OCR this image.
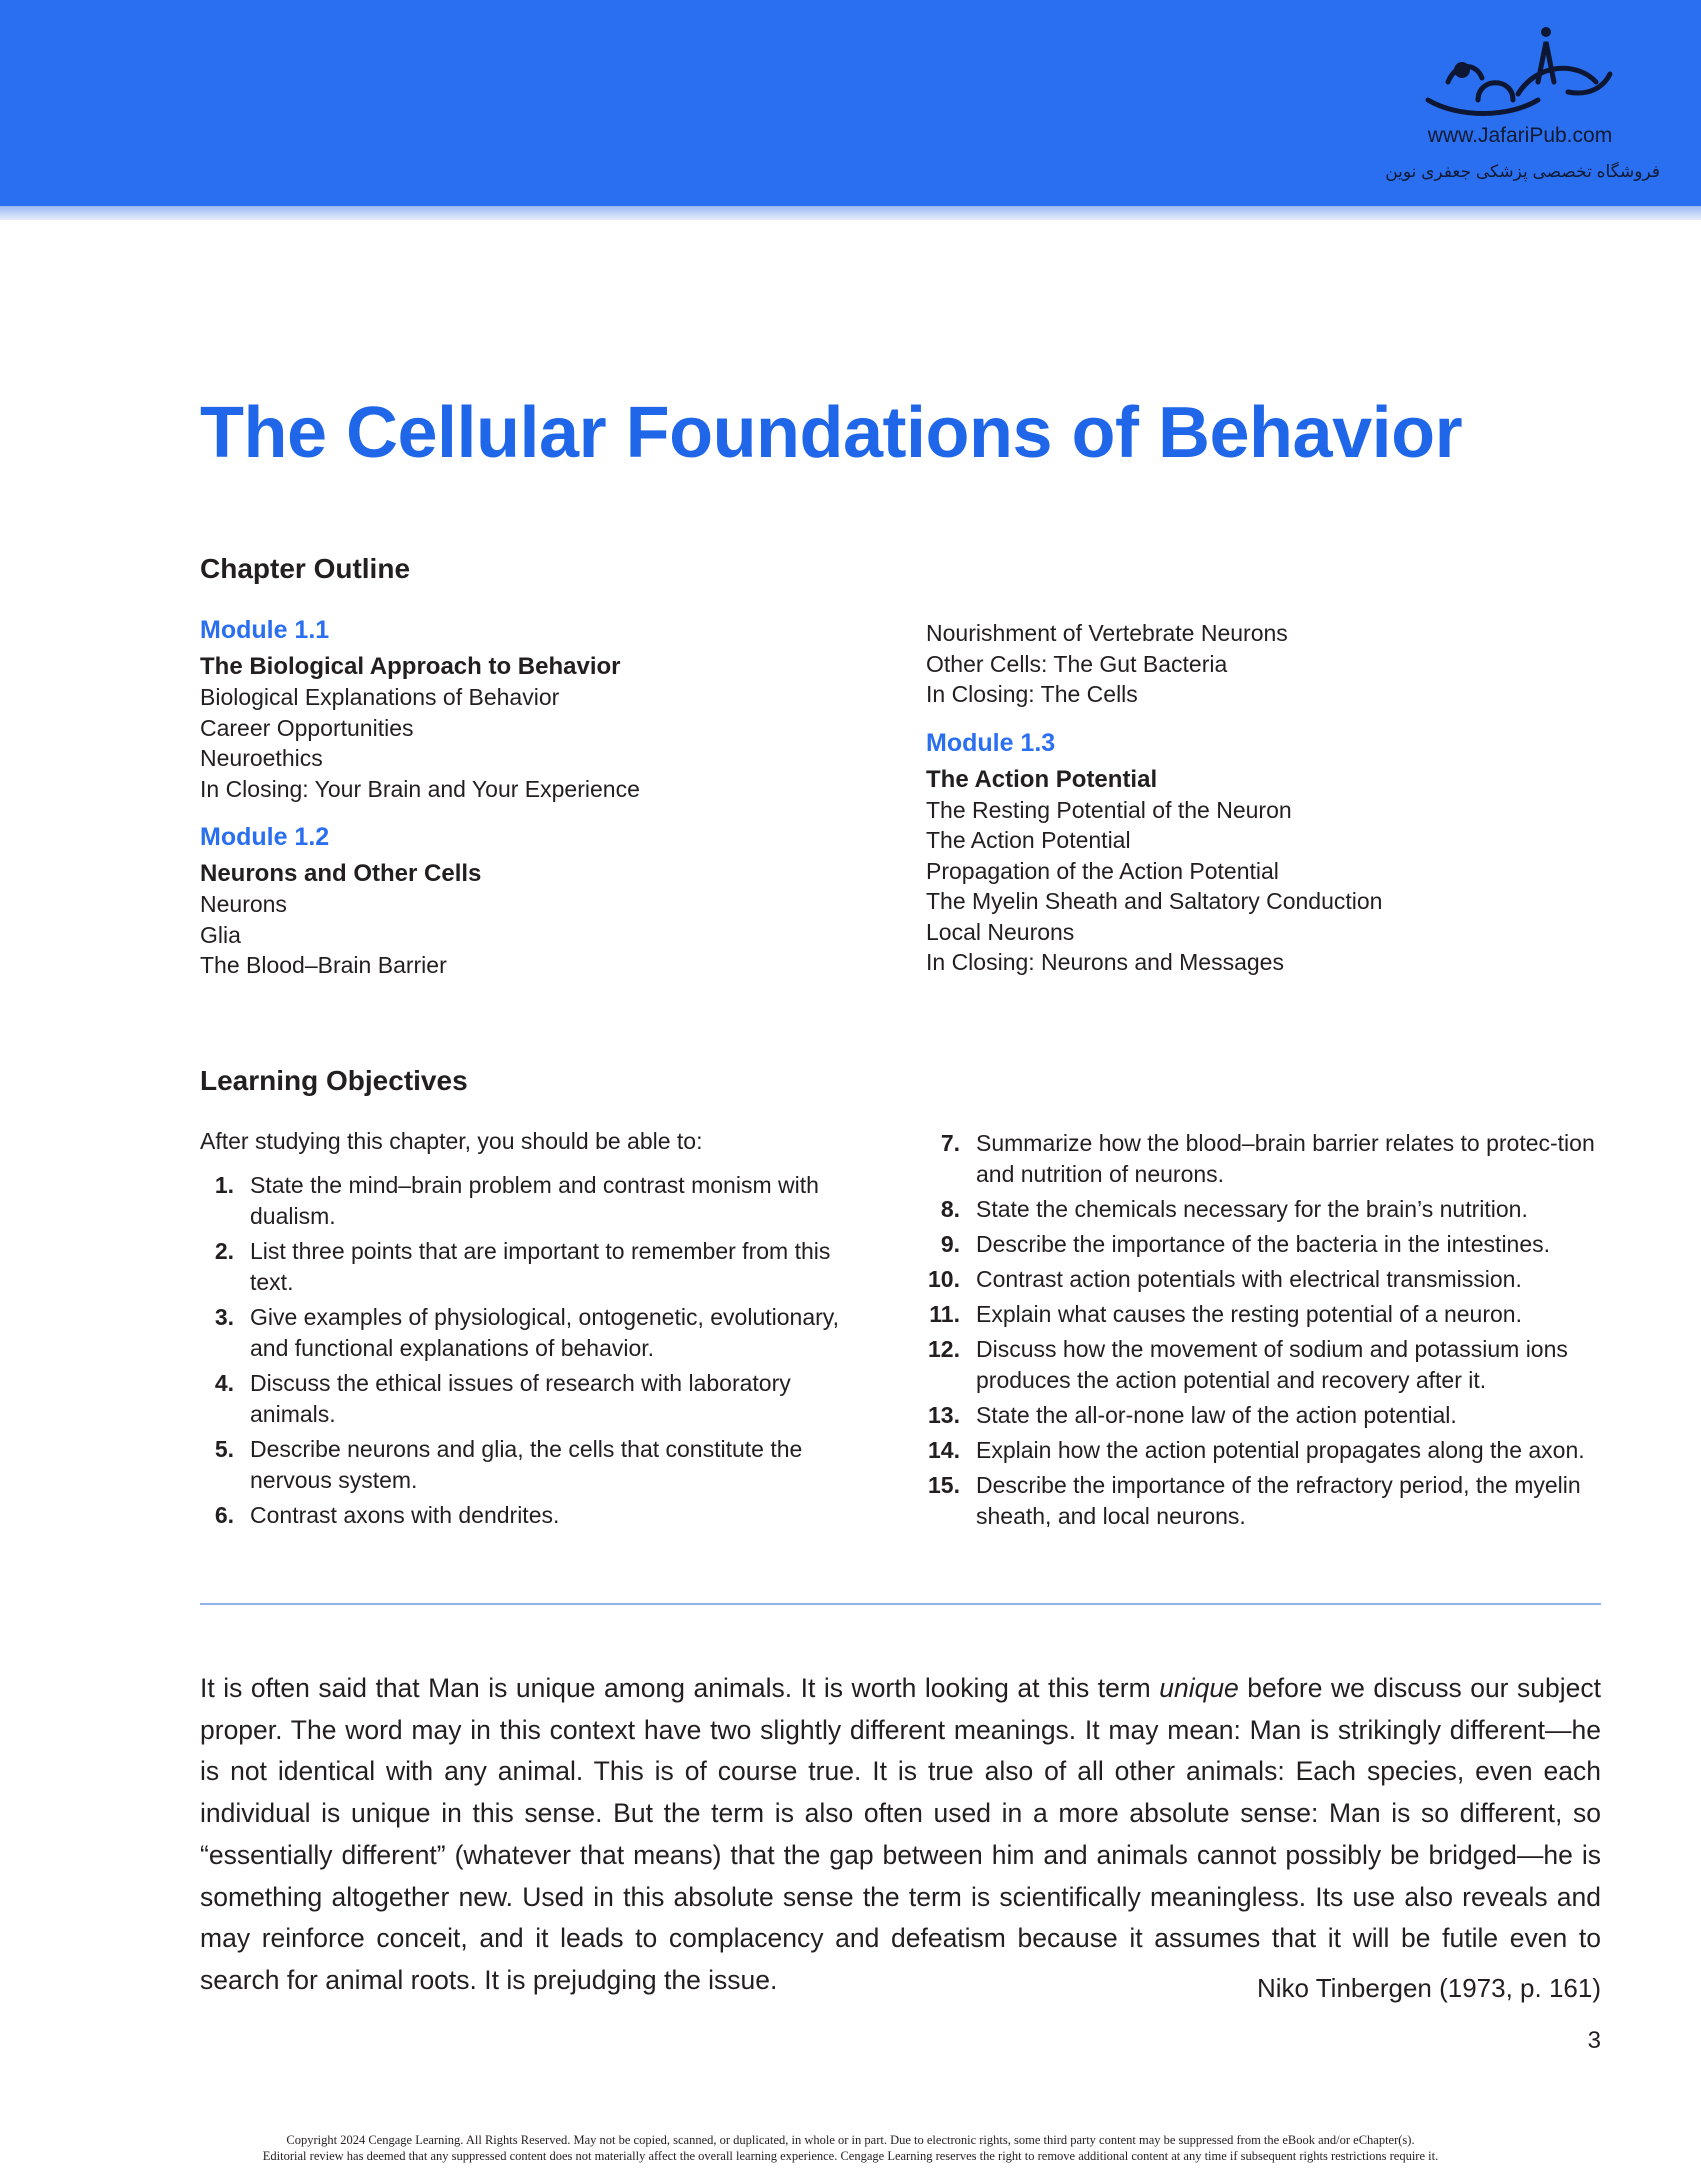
www.JafariPub.com
فروشگاه تخصصی پزشکی جعفری نوین
The Cellular Foundations of Behavior
Chapter Outline

Module 1.1

The Biological Approach to Behavior

Biological Explanations of Behavior

Career Opportunities

Neuroethics

In Closing: Your Brain and Your Experience

Module 1.2

Neurons and Other Cells

Neurons

Glia

The Blood–Brain Barrier

Nourishment of Vertebrate Neurons

Other Cells: The Gut Bacteria

In Closing: The Cells

Module 1.3

The Action Potential

The Resting Potential of the Neuron

The Action Potential

Propagation of the Action Potential

The Myelin Sheath and Saltatory Conduction

Local Neurons

In Closing: Neurons and Messages

Learning Objectives

After studying this chapter, you should be able to:

1. State the mind–brain problem and contrast monism with dualism.
2. List three points that are important to remember from this text.
3. Give examples of physiological, ontogenetic, evolutionary, and functional explanations of behavior.
4. Discuss the ethical issues of research with laboratory animals.
5. Describe neurons and glia, the cells that constitute the nervous system.
6. Contrast axons with dendrites.
7. Summarize how the blood–brain barrier relates to protec-tion and nutrition of neurons.
8. State the chemicals necessary for the brain’s nutrition.
9. Describe the importance of the bacteria in the intestines.
10. Contrast action potentials with electrical transmission.
11. Explain what causes the resting potential of a neuron.
12. Discuss how the movement of sodium and potassium ions produces the action potential and recovery after it.
13. State the all-or-none law of the action potential.
14. Explain how the action potential propagates along the axon.
15. Describe the importance of the refractory period, the myelin sheath, and local neurons.

It is often said that Man is unique among animals. It is worth looking at this term unique before we discuss our subject proper. The word may in this context have two slightly different meanings. It may mean: Man is strikingly different—he is not identical with any animal. This is of course true. It is true also of all other animals: Each species, even each individual is unique in this sense. But the term is also often used in a more absolute sense: Man is so different, so “essentially different” (whatever that means) that the gap between him and animals cannot possibly be bridged—he is something altogether new. Used in this absolute sense the term is scientifically meaningless. Its use also reveals and may reinforce conceit, and it leads to complacency and defeatism because it assumes that it will be futile even to search for animal roots. It is prejudging the issue.	Niko Tinbergen (1973, p. 161)

3

Copyright 2024 Cengage Learning. All Rights Reserved. May not be copied, scanned, or duplicated, in whole or in part. Due to electronic rights, some third party content may be suppressed from the eBook and/or eChapter(s).

Editorial review has deemed that any suppressed content does not materially affect the overall learning experience. Cengage Learning reserves the right to remove additional content at any time if subsequent rights restrictions require it.
